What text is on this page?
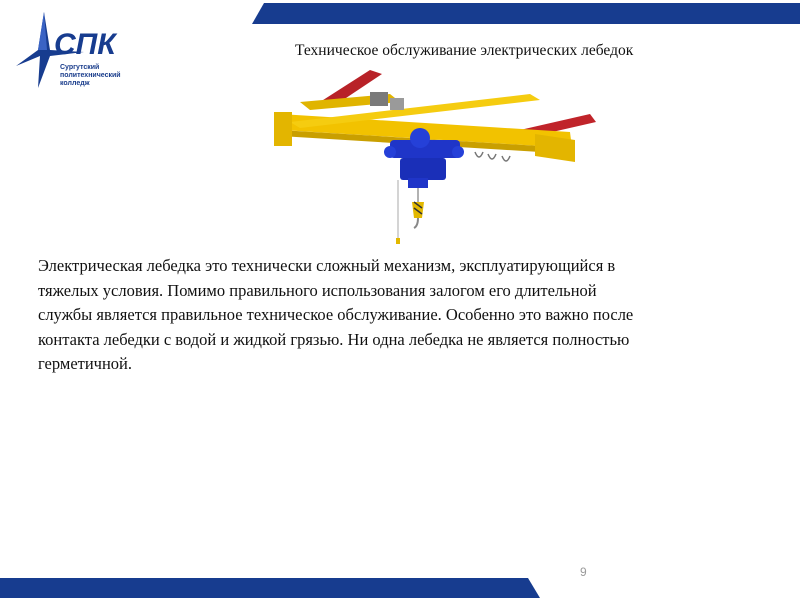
СПК
Сургутский
политехнический
колледж
Техническое обслуживание электрических лебедок
Электрическая лебедка это технически сложный механизм, эксплуатирующийся в
тяжелых условия. Помимо правильного использования залогом его длительной
службы является правильное техническое обслуживание. Особенно это важно после
контакта лебедки с водой и жидкой грязью. Ни одна лебедка не является полностью
герметичной.
9
